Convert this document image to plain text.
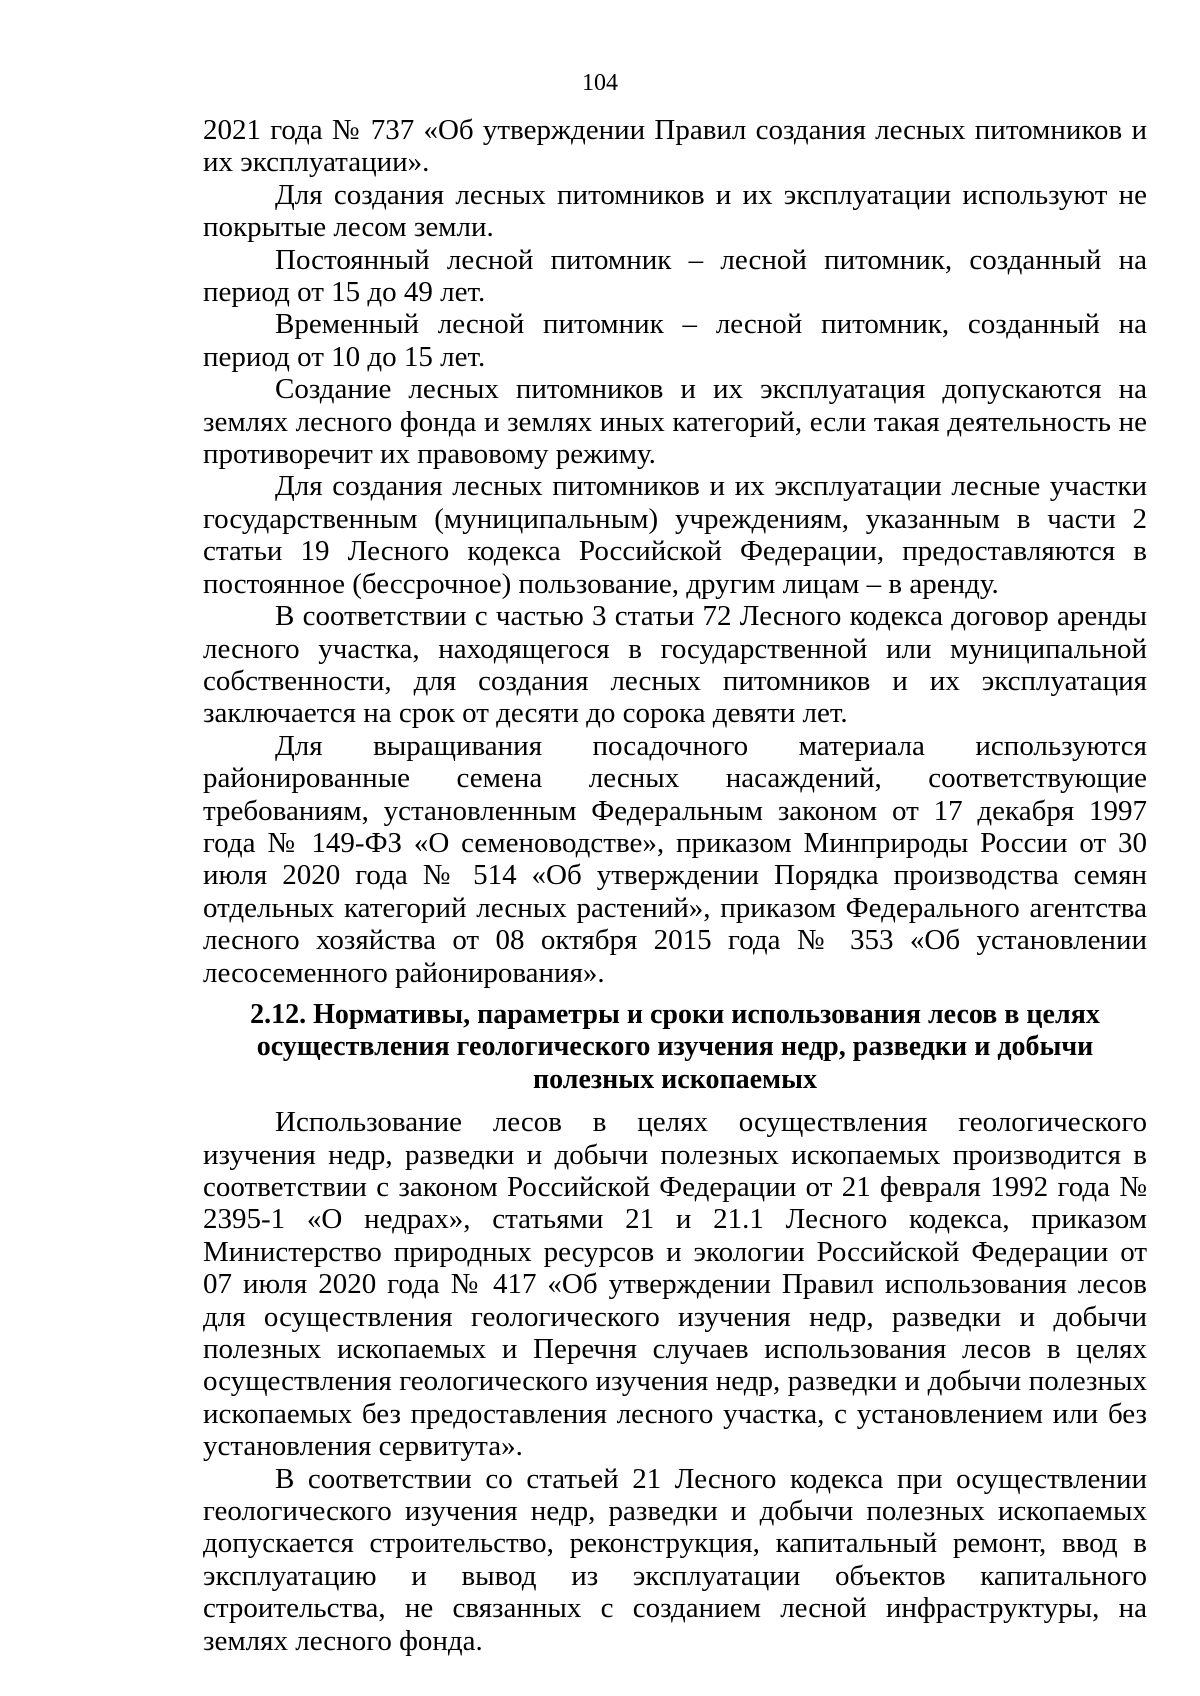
104

2021 года № 737 «Об утверждении Правил создания лесных питомников и их эксплуатации».

Для создания лесных питомников и их эксплуатации используют не покрытые лесом земли.

Постоянный лесной питомник – лесной питомник, созданный на период от 15 до 49 лет.

Временный лесной питомник – лесной питомник, созданный на период от 10 до 15 лет.

Создание лесных питомников и их эксплуатация допускаются на землях лесного фонда и землях иных категорий, если такая деятельность не противоречит их правовому режиму.

Для создания лесных питомников и их эксплуатации лесные участки государственным (муниципальным) учреждениям, указанным в части 2 статьи 19 Лесного кодекса Российской Федерации, предоставляются в постоянное (бессрочное) пользование, другим лицам – в аренду.

В соответствии с частью 3 статьи 72 Лесного кодекса договор аренды лесного участка, находящегося в государственной или муниципальной собственности, для создания лесных питомников и их эксплуатация заключается на срок от десяти до сорока девяти лет.

Для выращивания посадочного материала используются районированные семена лесных насаждений, соответствующие требованиям, установленным Федеральным законом от 17 декабря 1997 года № 149-ФЗ «О семеноводстве», приказом Минприроды России от 30 июля 2020 года № 514 «Об утверждении Порядка производства семян отдельных категорий лесных растений», приказом Федерального агентства лесного хозяйства от 08 октября 2015 года № 353 «Об установлении лесосеменного районирования».

2.12. Нормативы, параметры и сроки использования лесов в целях
осуществления геологического изучения недр, разведки и добычи
полезных ископаемых

Использование лесов в целях осуществления геологического изучения недр, разведки и добычи полезных ископаемых производится в соответствии с законом Российской Федерации от 21 февраля 1992 года № 2395-1 «О недрах», статьями 21 и 21.1 Лесного кодекса, приказом Министерство природных ресурсов и экологии Российской Федерации от 07 июля 2020 года № 417 «Об утверждении Правил использования лесов для осуществления геологического изучения недр, разведки и добычи полезных ископаемых и Перечня случаев использования лесов в целях осуществления геологического изучения недр, разведки и добычи полезных ископаемых без предоставления лесного участка, с установлением или без установления сервитута».

В соответствии со статьей 21 Лесного кодекса при осуществлении геологического изучения недр, разведки и добычи полезных ископаемых допускается строительство, реконструкция, капитальный ремонт, ввод в эксплуатацию и вывод из эксплуатации объектов капитального строительства, не связанных с созданием лесной инфраструктуры, на землях лесного фонда.
